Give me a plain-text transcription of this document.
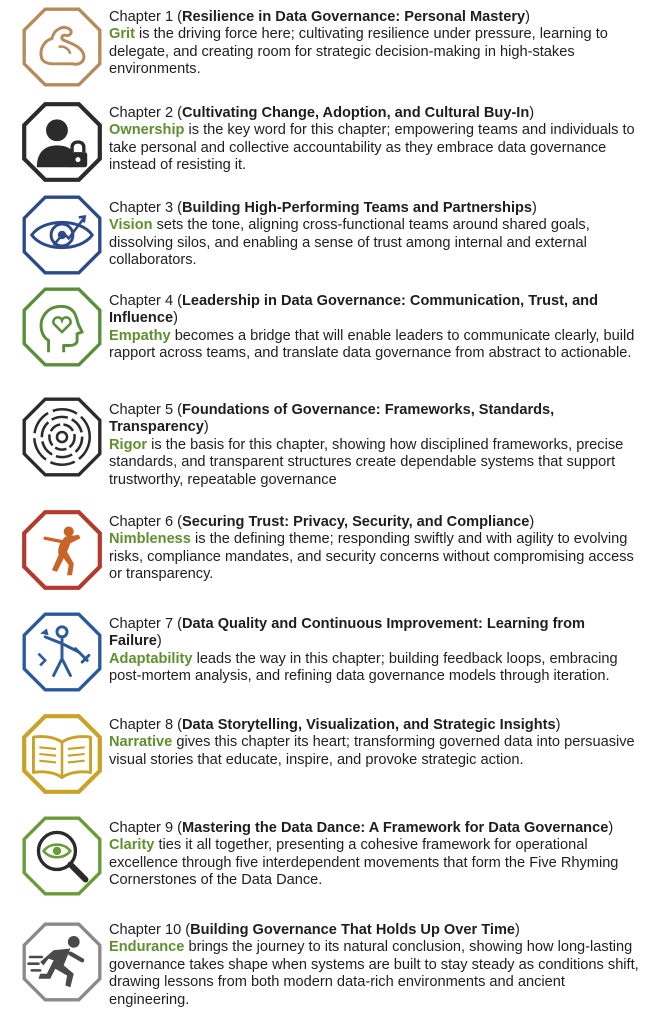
Chapter 1 (Resilience in Data Governance: Personal Mastery)
Grit is the driving force here; cultivating resilience under pressure, learning to delegate, and creating room for strategic decision-making in high-stakes environments.
Chapter 2 (Cultivating Change, Adoption, and Cultural Buy-In)
Ownership is the key word for this chapter; empowering teams and individuals to take personal and collective accountability as they embrace data governance instead of resisting it.
Chapter 3 (Building High-Performing Teams and Partnerships)
Vision sets the tone, aligning cross-functional teams around shared goals, dissolving silos, and enabling a sense of trust among internal and external collaborators.
Chapter 4 (Leadership in Data Governance: Communication, Trust, and Influence)
Empathy becomes a bridge that will enable leaders to communicate clearly, build rapport across teams, and translate data governance from abstract to actionable.
Chapter 5 (Foundations of Governance: Frameworks, Standards, Transparency)
Rigor is the basis for this chapter, showing how disciplined frameworks, precise standards, and transparent structures create dependable systems that support trustworthy, repeatable governance
Chapter 6 (Securing Trust: Privacy, Security, and Compliance)
Nimbleness is the defining theme; responding swiftly and with agility to evolving risks, compliance mandates, and security concerns without compromising access or transparency.
Chapter 7 (Data Quality and Continuous Improvement: Learning from Failure)
Adaptability leads the way in this chapter; building feedback loops, embracing post-mortem analysis, and refining data governance models through iteration.
Chapter 8 (Data Storytelling, Visualization, and Strategic Insights)
Narrative gives this chapter its heart; transforming governed data into persuasive visual stories that educate, inspire, and provoke strategic action.
Chapter 9 (Mastering the Data Dance: A Framework for Data Governance)
Clarity ties it all together, presenting a cohesive framework for operational excellence through five interdependent movements that form the Five Rhyming Cornerstones of the Data Dance.
Chapter 10 (Building Governance That Holds Up Over Time)
Endurance brings the journey to its natural conclusion, showing how long-lasting governance takes shape when systems are built to stay steady as conditions shift, drawing lessons from both modern data-rich environments and ancient engineering.
